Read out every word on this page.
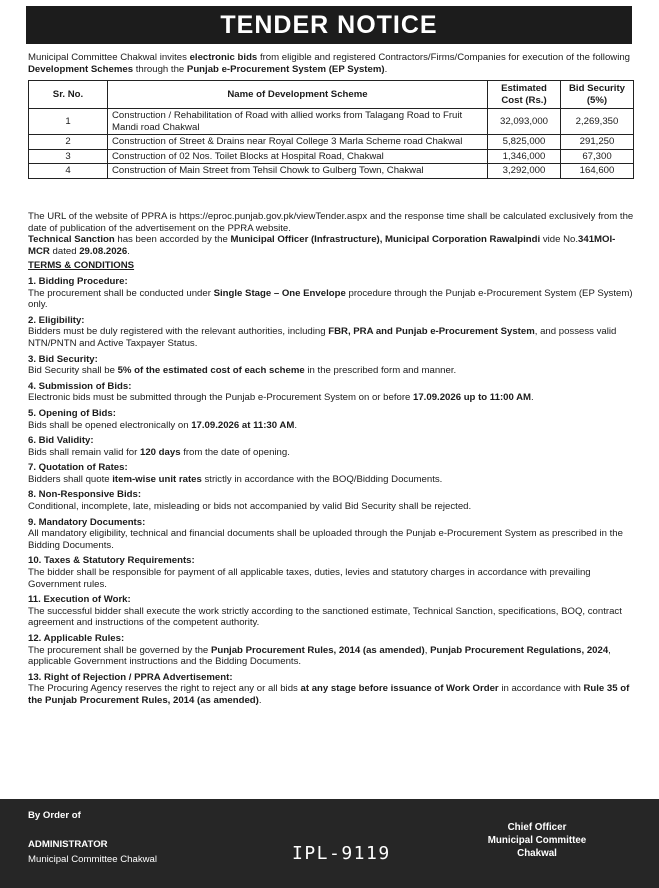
TENDER NOTICE
Municipal Committee Chakwal invites electronic bids from eligible and registered Contractors/Firms/Companies for execution of the following Development Schemes through the Punjab e-Procurement System (EP System).
Sr. No.	Name of Development Scheme	Estimated Cost (Rs.)	Bid Security (5%)
1	Construction / Rehabilitation of Road with allied works from Talagang Road to Fruit Mandi road Chakwal	32,093,000	2,269,350
2	Construction of Street & Drains near Royal College 3 Marla Scheme road Chakwal	5,825,000	291,250
3	Construction of 02 Nos. Toilet Blocks at Hospital Road, Chakwal	1,346,000	67,300
4	Construction of Main Street from Tehsil Chowk to Gulberg Town, Chakwal	3,292,000	164,600

The URL of the website of PPRA is https://eproc.punjab.gov.pk/viewTender.aspx and the response time shall be calculated exclusively from the date of publication of the advertisement on the PPRA website.

Technical Sanction has been accorded by the Municipal Officer (Infrastructure), Municipal Corporation Rawalpindi vide No.341MOI-MCR dated 29.08.2026.

TERMS & CONDITIONS

1. Bidding Procedure:

The procurement shall be conducted under Single Stage – One Envelope procedure through the Punjab e-Procurement System (EP System) only.

2. Eligibility:

Bidders must be duly registered with the relevant authorities, including FBR, PRA and Punjab e-Procurement System, and possess valid NTN/PNTN and Active Taxpayer Status.

3. Bid Security:

Bid Security shall be 5% of the estimated cost of each scheme in the prescribed form and manner.

4. Submission of Bids:

Electronic bids must be submitted through the Punjab e-Procurement System on or before 17.09.2026 up to 11:00 AM.

5. Opening of Bids:

Bids shall be opened electronically on 17.09.2026 at 11:30 AM.

6. Bid Validity:

Bids shall remain valid for 120 days from the date of opening.

7. Quotation of Rates:

Bidders shall quote item-wise unit rates strictly in accordance with the BOQ/Bidding Documents.

8. Non-Responsive Bids:

Conditional, incomplete, late, misleading or bids not accompanied by valid Bid Security shall be rejected.

9. Mandatory Documents:

All mandatory eligibility, technical and financial documents shall be uploaded through the Punjab e-Procurement System as prescribed in the Bidding Documents.

10. Taxes & Statutory Requirements:

The bidder shall be responsible for payment of all applicable taxes, duties, levies and statutory charges in accordance with prevailing Government rules.

11. Execution of Work:

The successful bidder shall execute the work strictly according to the sanctioned estimate, Technical Sanction, specifications, BOQ, contract agreement and instructions of the competent authority.

12. Applicable Rules:

The procurement shall be governed by the Punjab Procurement Rules, 2014 (as amended), Punjab Procurement Regulations, 2024, applicable Government instructions and the Bidding Documents.

13. Right of Rejection / PPRA Advertisement:

The Procuring Agency reserves the right to reject any or all bids at any stage before issuance of Work Order in accordance with Rule 35 of the Punjab Procurement Rules, 2014 (as amended).

By Order of
ADMINISTRATOR
Municipal Committee Chakwal	IPL-9119
Chief Officer
Municipal Committee
Chakwal
